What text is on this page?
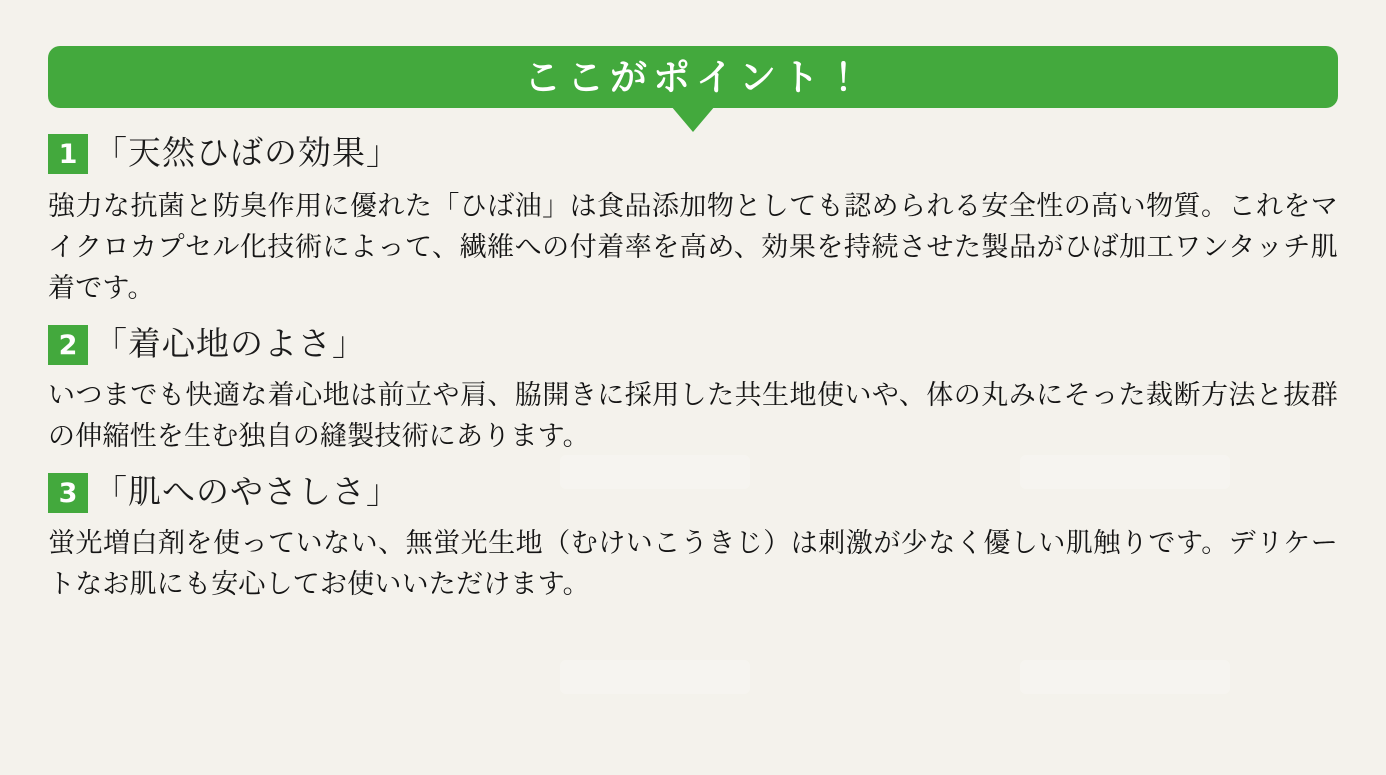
ここがポイント！
1 「天然ひばの効果」
強力な抗菌と防臭作用に優れた「ひば油」は食品添加物としても認められる安全性の高い物質。これをマイクロカプセル化技術によって、繊維への付着率を高め、効果を持続させた製品がひば加工ワンタッチ肌着です。
2 「着心地のよさ」
いつまでも快適な着心地は前立や肩、脇開きに採用した共生地使いや、体の丸みにそった裁断方法と抜群の伸縮性を生む独自の縫製技術にあります。
3 「肌へのやさしさ」
蛍光増白剤を使っていない、無蛍光生地（むけいこうきじ）は刺激が少なく優しい肌触りです。デリケートなお肌にも安心してお使いいただけます。
